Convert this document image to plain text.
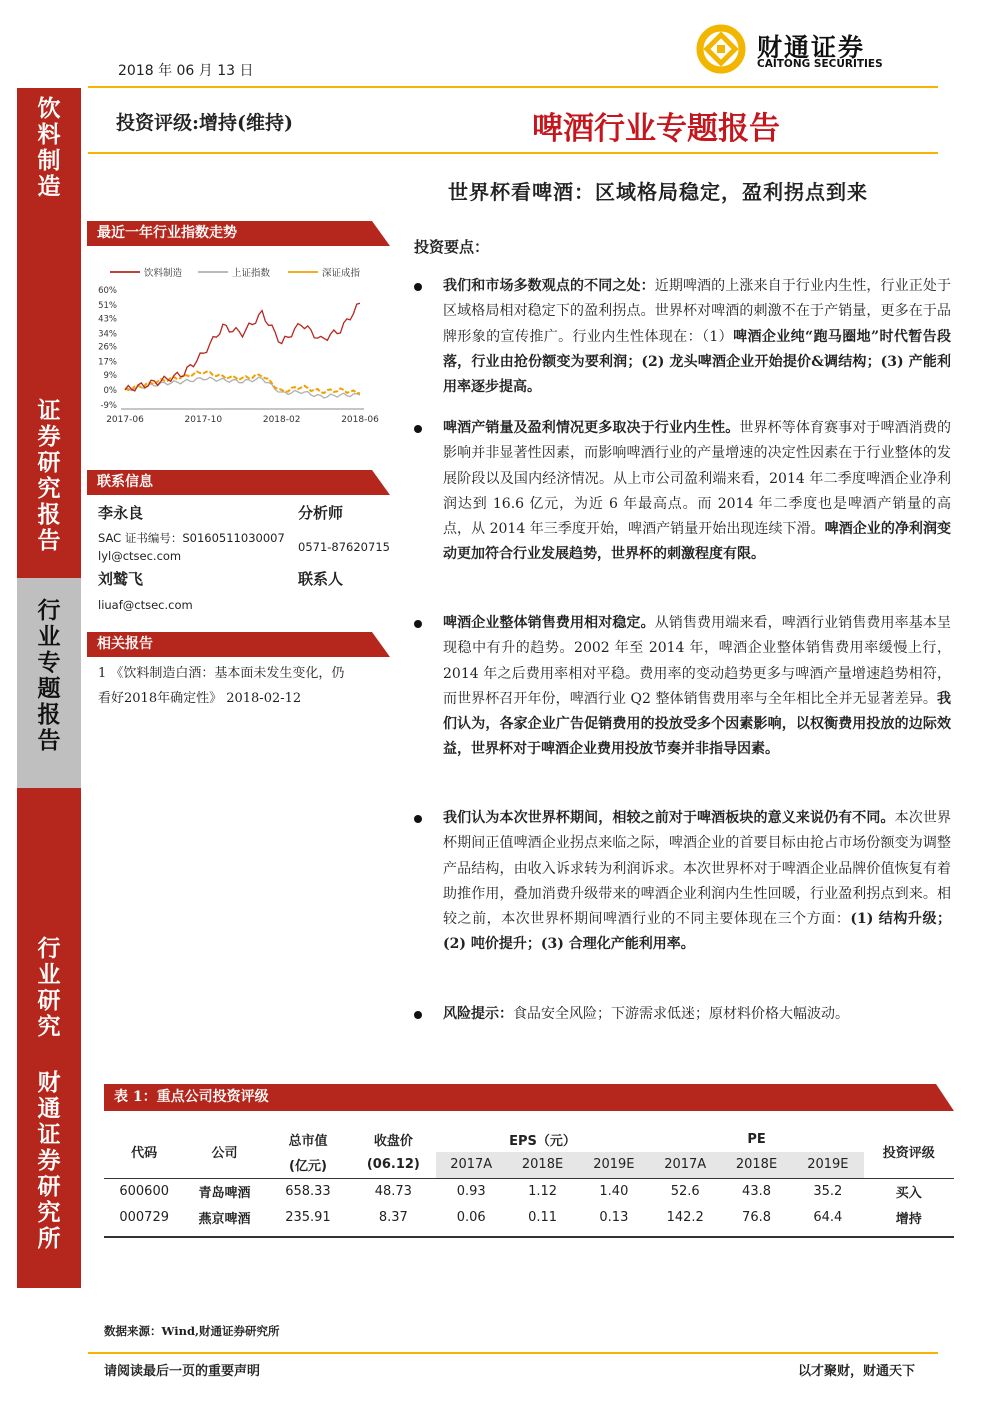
2018 年 06 月 13 日
财通证券
CAITONG SECURITIES
投资评级:增持(维持)	啤酒行业专题报告
世界杯看啤酒：区域格局稳定，盈利拐点到来
饮
料
制
造
证
券
研
究
报
告
行
业
专
题
报
告
行
业
研
究
财
通
证
券
研
究
所
最近一年行业指数走势
饮料制造	上证指数	深证成指
60%
51%
43%
34%
26%
17%
9%
0%
-9%
2017-06	2017-10	2018-02	2018-06
联系信息
李永良	分析师
SAC 证书编号：S0160511030007
0571-87620715
lyl@ctsec.com
刘鹫飞	联系人
liuaf@ctsec.com
相关报告
1 《饮料制造白酒：基本面未发生变化，仍
看好2018年确定性》 2018-02-12
投资要点：
我们和市场多数观点的不同之处：近期啤酒的上涨来自于行业内生性，行业正处于区域格局相对稳定下的盈利拐点。世界杯对啤酒的刺激不在于产销量，更多在于品牌形象的宣传推广。行业内生性体现在：（1）啤酒企业纯“跑马圈地”时代暂告段落，行业由抢份额变为要利润；(2) 龙头啤酒企业开始提价&调结构；(3) 产能利用率逐步提高。
啤酒产销量及盈利情况更多取决于行业内生性。世界杯等体育赛事对于啤酒消费的影响并非显著性因素，而影响啤酒行业的产量增速的决定性因素在于行业整体的发展阶段以及国内经济情况。从上市公司盈利端来看，2014 年二季度啤酒企业净利润达到 16.6 亿元，为近 6 年最高点。而 2014 年二季度也是啤酒产销量的高点，从 2014 年三季度开始，啤酒产销量开始出现连续下滑。啤酒企业的净利润变动更加符合行业发展趋势，世界杯的刺激程度有限。
啤酒企业整体销售费用相对稳定。从销售费用端来看，啤酒行业销售费用率基本呈现稳中有升的趋势。2002 年至 2014 年，啤酒企业整体销售费用率缓慢上行，2014 年之后费用率相对平稳。费用率的变动趋势更多与啤酒产量增速趋势相符，而世界杯召开年份，啤酒行业 Q2 整体销售费用率与全年相比全并无显著差异。我们认为，各家企业广告促销费用的投放受多个因素影响，以权衡费用投放的边际效益，世界杯对于啤酒企业费用投放节奏并非指导因素。
我们认为本次世界杯期间，相较之前对于啤酒板块的意义来说仍有不同。本次世界杯期间正值啤酒企业拐点来临之际，啤酒企业的首要目标由抢占市场份额变为调整产品结构，由收入诉求转为利润诉求。本次世界杯对于啤酒企业品牌价值恢复有着助推作用，叠加消费升级带来的啤酒企业利润内生性回暖，行业盈利拐点到来。相较之前，本次世界杯期间啤酒行业的不同主要体现在三个方面：(1) 结构升级；(2) 吨价提升；(3) 合理化产能利用率。
风险提示：食品安全风险；下游需求低迷；原材料价格大幅波动。
表 1：重点公司投资评级
代码	公司	总市值	收盘价	EPS（元）			PE			投资评级
		(亿元)	(06.12)	2017A	2018E	2019E	2017A	2018E	2019E	
600600	青岛啤酒	658.33	48.73	0.93	1.12	1.40	52.6	43.8	35.2	买入
000729	燕京啤酒	235.91	8.37	0.06	0.11	0.13	142.2	76.8	64.4	增持
数据来源：Wind,财通证券研究所
请阅读最后一页的重要声明	以才聚财，财通天下
